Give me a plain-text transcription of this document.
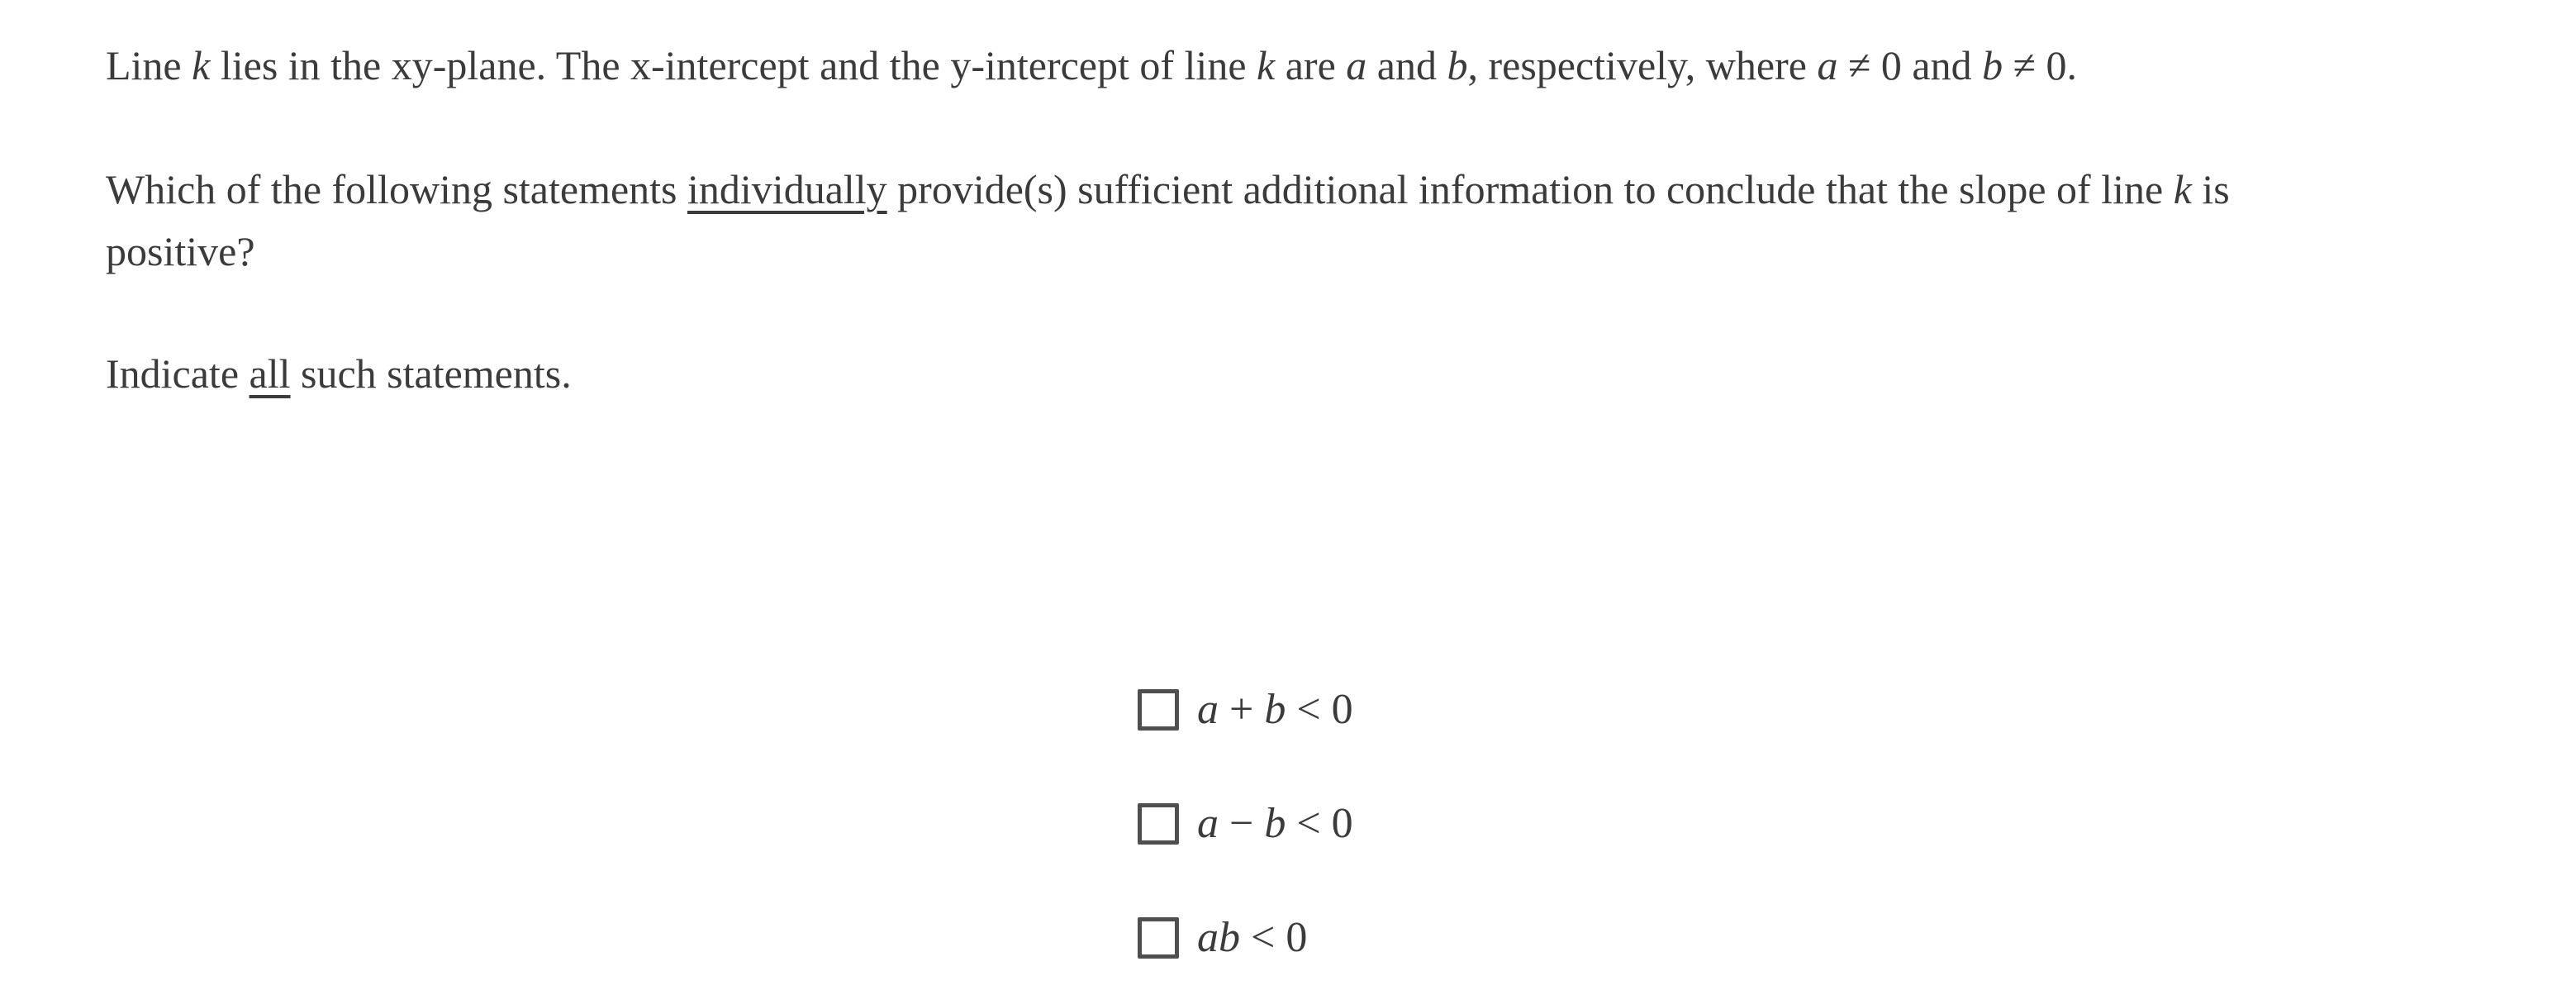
Line k lies in the xy-plane. The x-intercept and the y-intercept of line k are a and b, respectively, where a ≠ 0 and b ≠ 0.

Which of the following statements individually provide(s) sufficient additional information to conclude that the slope of line k is
positive?

Indicate all such statements.

a + b < 0
a − b < 0
ab < 0
